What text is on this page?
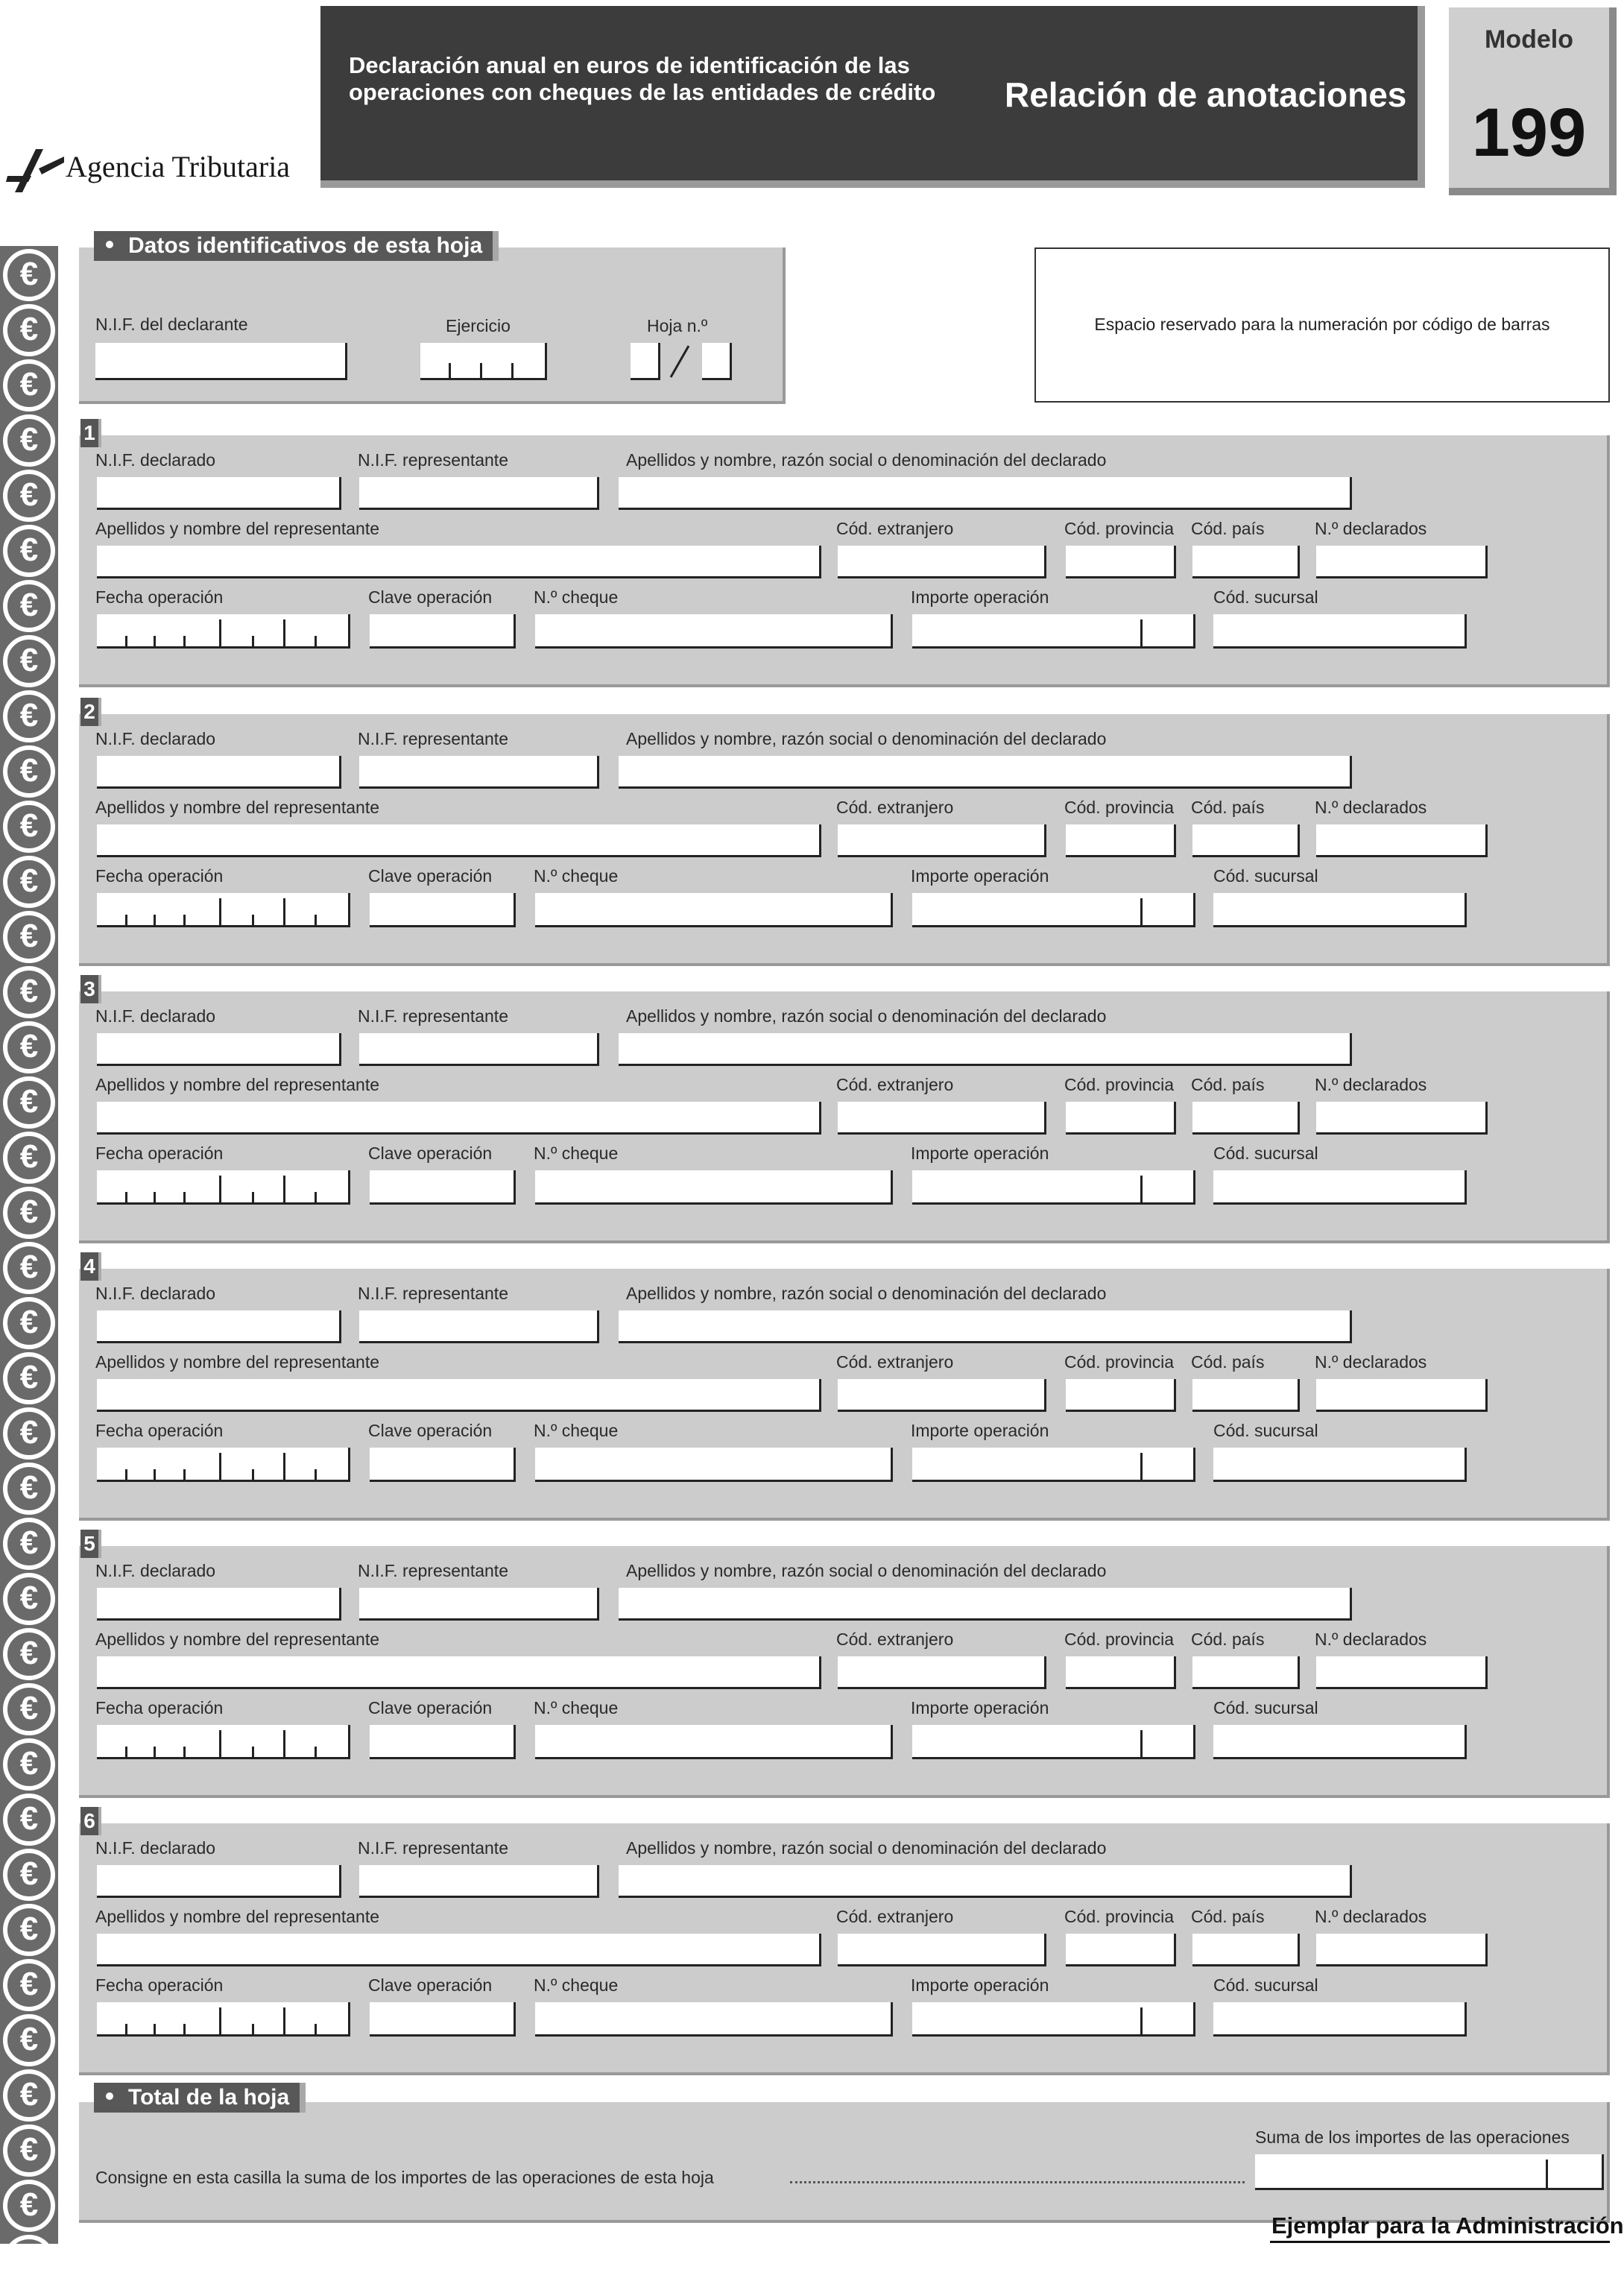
Agencia Tributaria
Declaración anual en euros de identificación de las operaciones con cheques de las entidades de crédito	Relación de anotaciones
Modelo
199
€
€
€
€
€
€
€
€
€
€
€
€
€
€
€
€
€
€
€
€
€
€
€
€
€
€
€
€
€
€
€
€
€
€
€
€
€
Datos identificativos de esta hoja
N.I.F. del declarante	Ejercicio	Hoja n.º	Espacio reservado para la numeración por código de barras
1
N.I.F. declarado	N.I.F. representante	Apellidos y nombre, razón social o denominación del declarado
Apellidos y nombre del representante	Cód. extranjero	Cód. provincia Cód. país	N.º declarados
Fecha operación	Clave operación N.º cheque	Importe operación	Cód. sucursal
2
N.I.F. declarado	N.I.F. representante	Apellidos y nombre, razón social o denominación del declarado
Apellidos y nombre del representante	Cód. extranjero	Cód. provincia Cód. país	N.º declarados
Fecha operación	Clave operación N.º cheque	Importe operación	Cód. sucursal
3
N.I.F. declarado	N.I.F. representante	Apellidos y nombre, razón social o denominación del declarado
Apellidos y nombre del representante	Cód. extranjero	Cód. provincia Cód. país	N.º declarados
Fecha operación	Clave operación N.º cheque	Importe operación	Cód. sucursal
4
N.I.F. declarado	N.I.F. representante	Apellidos y nombre, razón social o denominación del declarado
Apellidos y nombre del representante	Cód. extranjero	Cód. provincia Cód. país	N.º declarados
Fecha operación	Clave operación N.º cheque	Importe operación	Cód. sucursal
5
N.I.F. declarado	N.I.F. representante	Apellidos y nombre, razón social o denominación del declarado
Apellidos y nombre del representante	Cód. extranjero	Cód. provincia Cód. país	N.º declarados
Fecha operación	Clave operación N.º cheque	Importe operación	Cód. sucursal
6
N.I.F. declarado	N.I.F. representante	Apellidos y nombre, razón social o denominación del declarado
Apellidos y nombre del representante	Cód. extranjero	Cód. provincia Cód. país	N.º declarados
Fecha operación	Clave operación N.º cheque	Importe operación	Cód. sucursal
Total de la hoja
Suma de los importes de las operaciones
Consigne en esta casilla la suma de los importes de las operaciones de esta hoja
Ejemplar para la Administración
